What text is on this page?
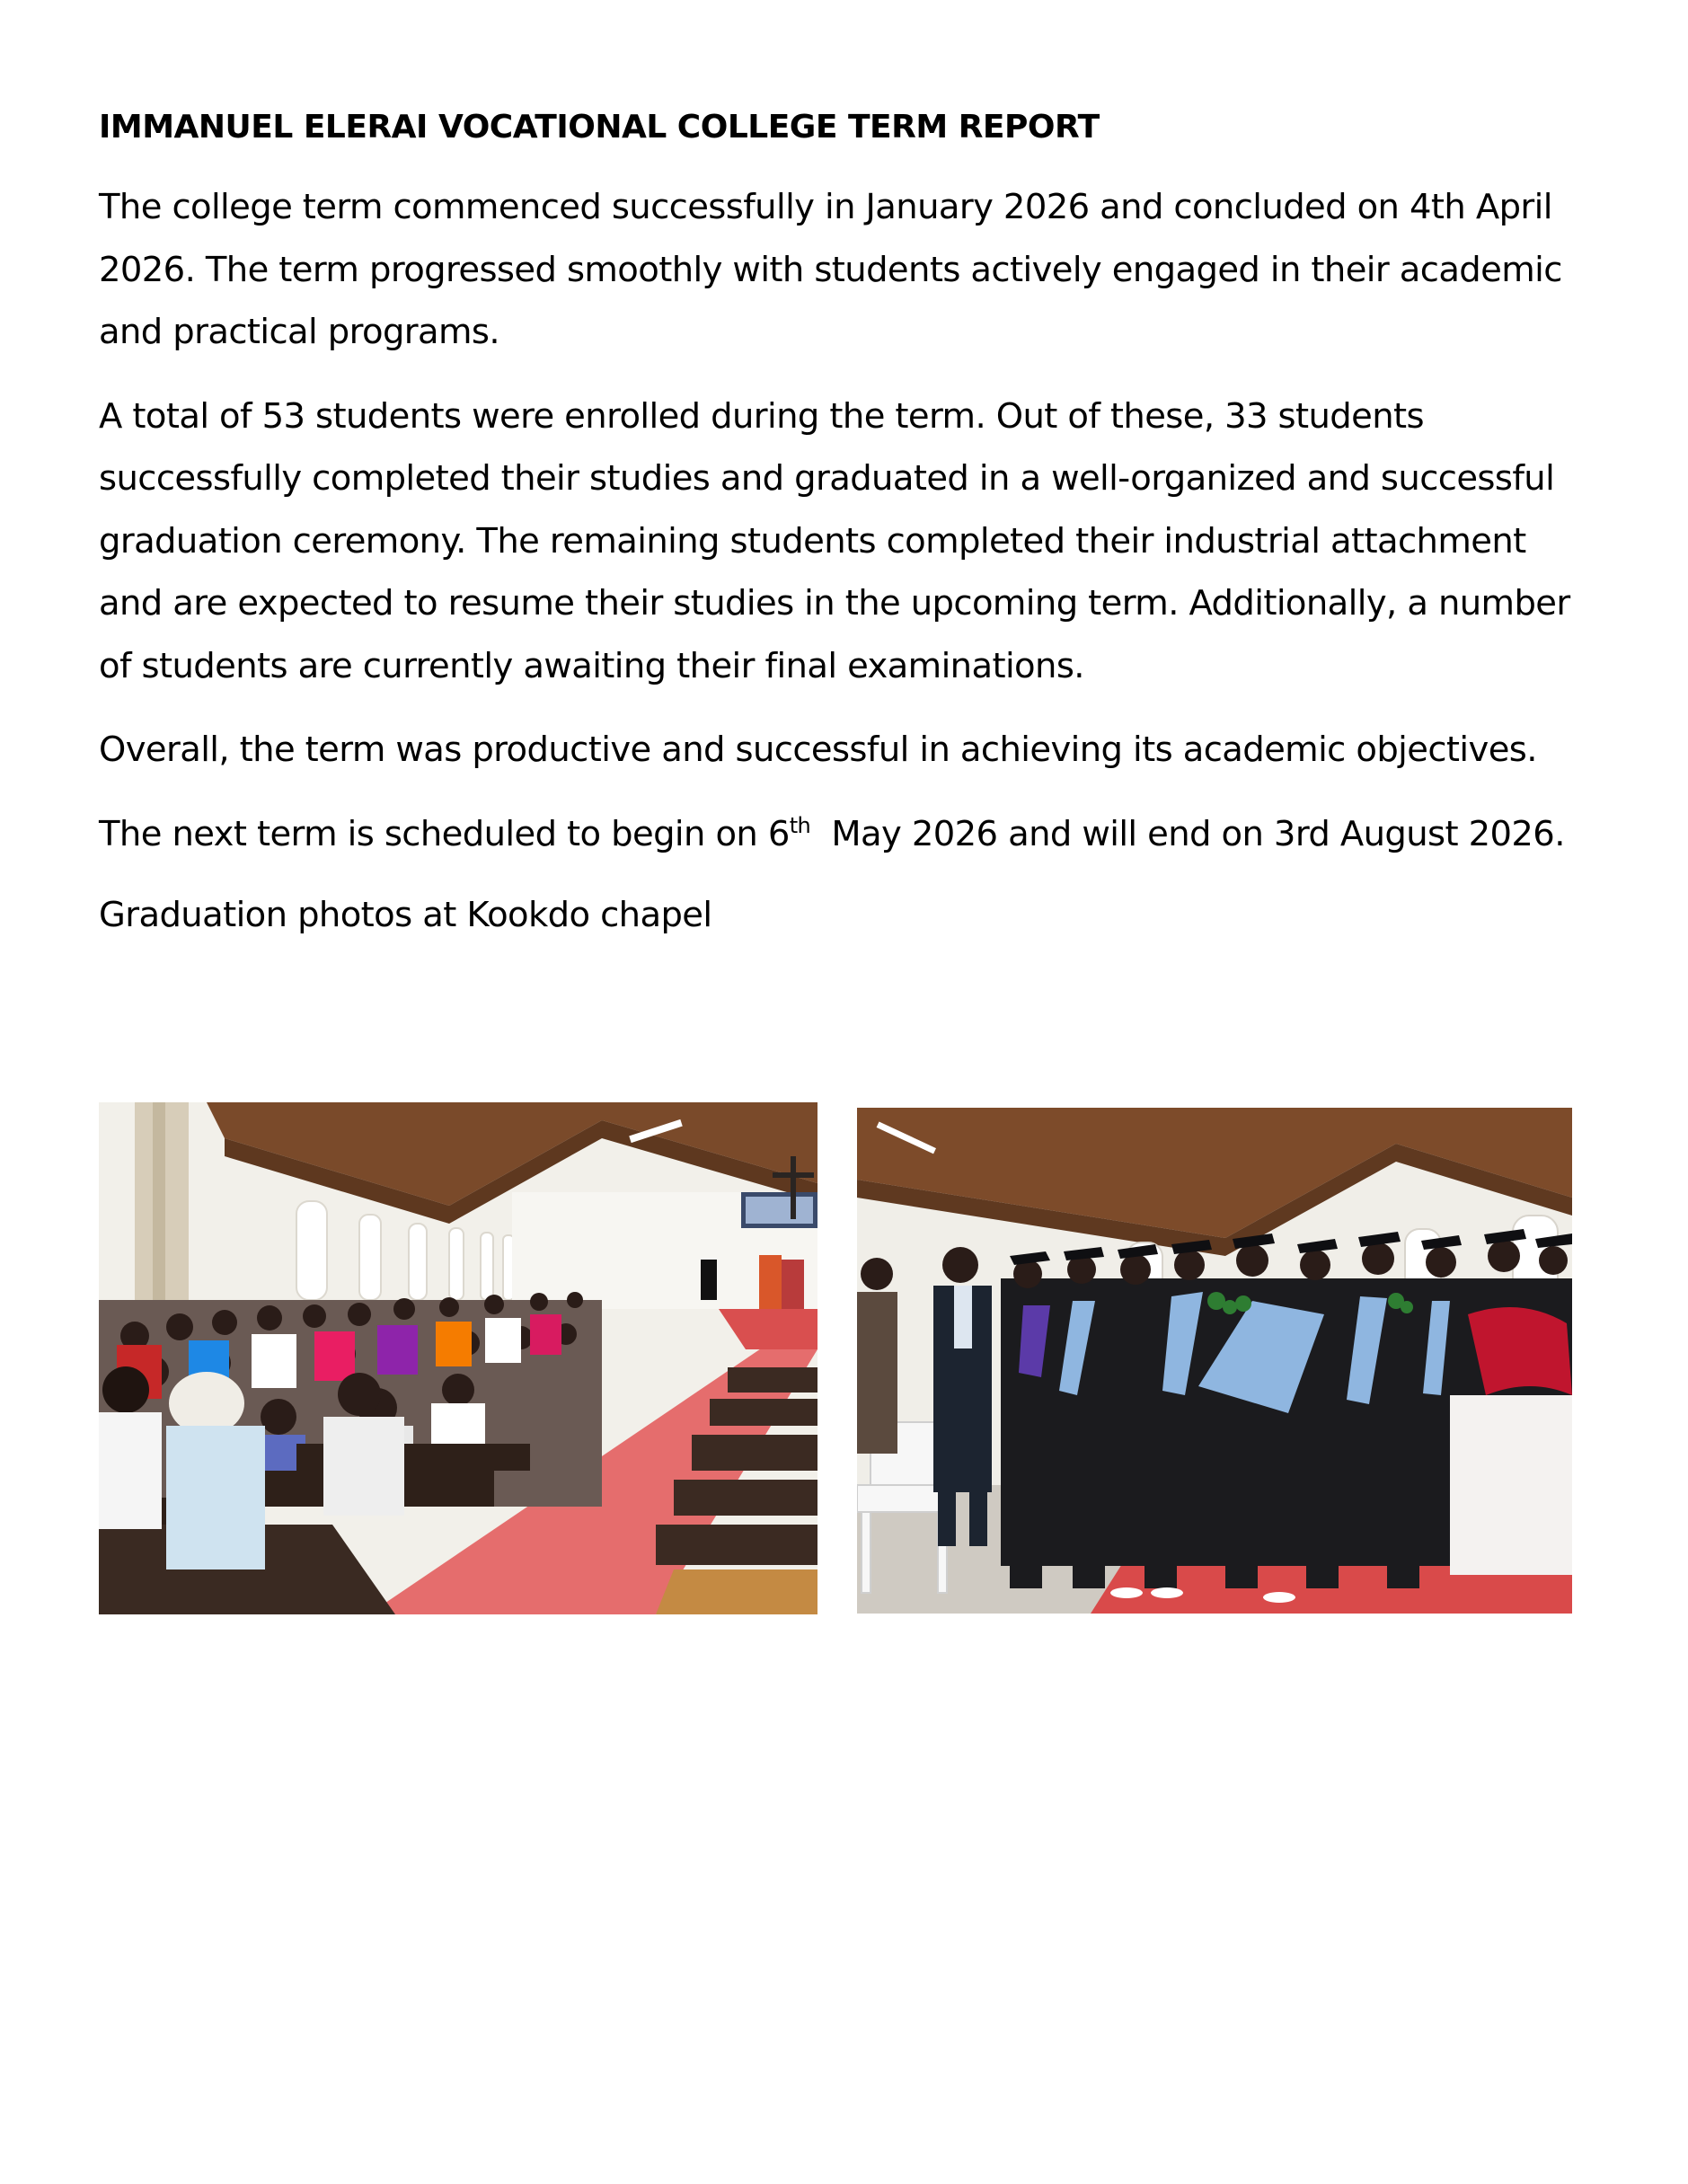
IMMANUEL ELERAI VOCATIONAL COLLEGE TERM REPORT

The college term commenced successfully in January 2026 and concluded on 4th April 2026. The term progressed smoothly with students actively engaged in their academic and practical programs.

A total of 53 students were enrolled during the term. Out of these, 33 students successfully completed their studies and graduated in a well-organized and successful graduation ceremony. The remaining students completed their industrial attachment and are expected to resume their studies in the upcoming term. Additionally, a number of students are currently awaiting their final examinations.

Overall, the term was productive and successful in achieving its academic objectives.

The next term is scheduled to begin on 6th  May 2026 and will end on 3rd August 2026.

Graduation photos at Kookdo chapel
